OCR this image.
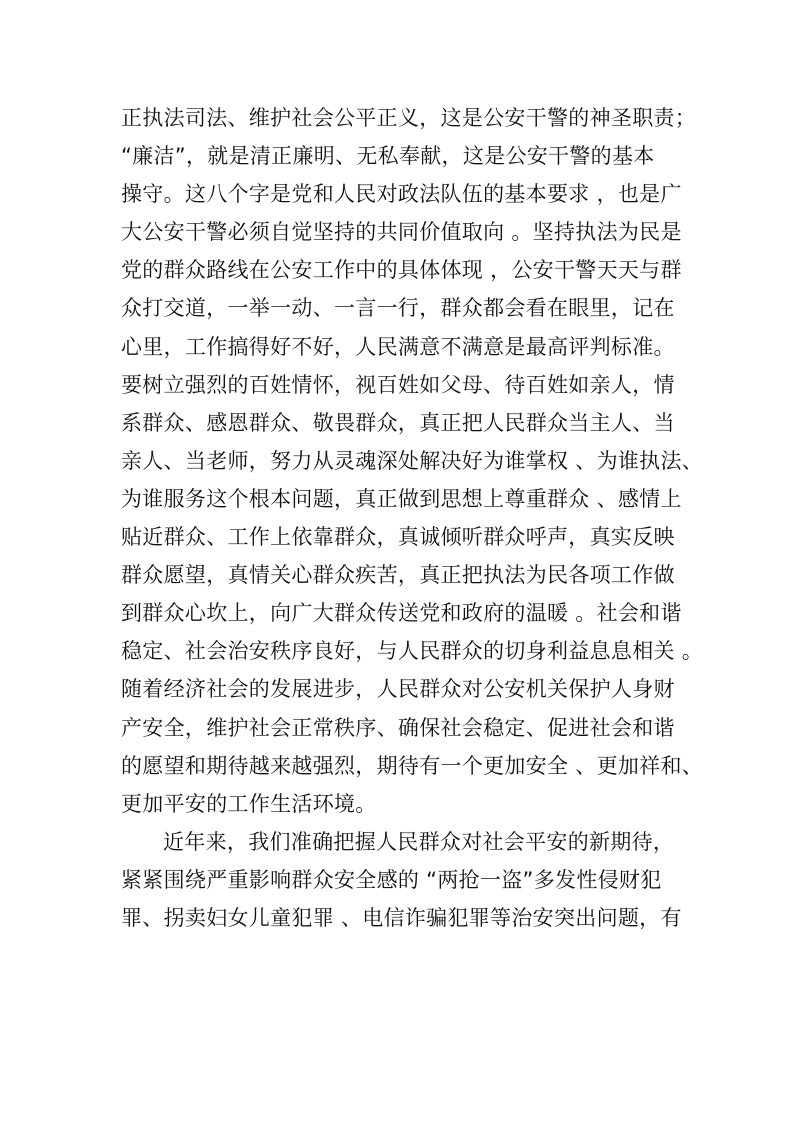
正执法司法、维护社会公平正义，这是公安干警的神圣职责；
“廉洁”，就是清正廉明、无私奉献，这是公安干警的基本
操守。这八个字是党和人民对政法队伍的基本要求 ，也是广
大公安干警必须自觉坚持的共同价值取向 。坚持执法为民是
党的群众路线在公安工作中的具体体现 ，公安干警天天与群
众打交道，一举一动、一言一行，群众都会看在眼里，记在
心里，工作搞得好不好，人民满意不满意是最高评判标准。
要树立强烈的百姓情怀，视百姓如父母、待百姓如亲人，情
系群众、感恩群众、敬畏群众，真正把人民群众当主人、当
亲人、当老师，努力从灵魂深处解决好为谁掌权 、为谁执法、
为谁服务这个根本问题，真正做到思想上尊重群众 、感情上
贴近群众、工作上依靠群众，真诚倾听群众呼声，真实反映
群众愿望，真情关心群众疾苦，真正把执法为民各项工作做
到群众心坎上，向广大群众传送党和政府的温暖 。社会和谐
稳定、社会治安秩序良好，与人民群众的切身利益息息相关 。
随着经济社会的发展进步，人民群众对公安机关保护人身财
产安全，维护社会正常秩序、确保社会稳定、促进社会和谐
的愿望和期待越来越强烈，期待有一个更加安全 、更加祥和、
更加平安的工作生活环境。
近年来，我们准确把握人民群众对社会平安的新期待，
紧紧围绕严重影响群众安全感的 “两抢一盗”多发性侵财犯
罪、拐卖妇女儿童犯罪 、电信诈骗犯罪等治安突出问题，有
